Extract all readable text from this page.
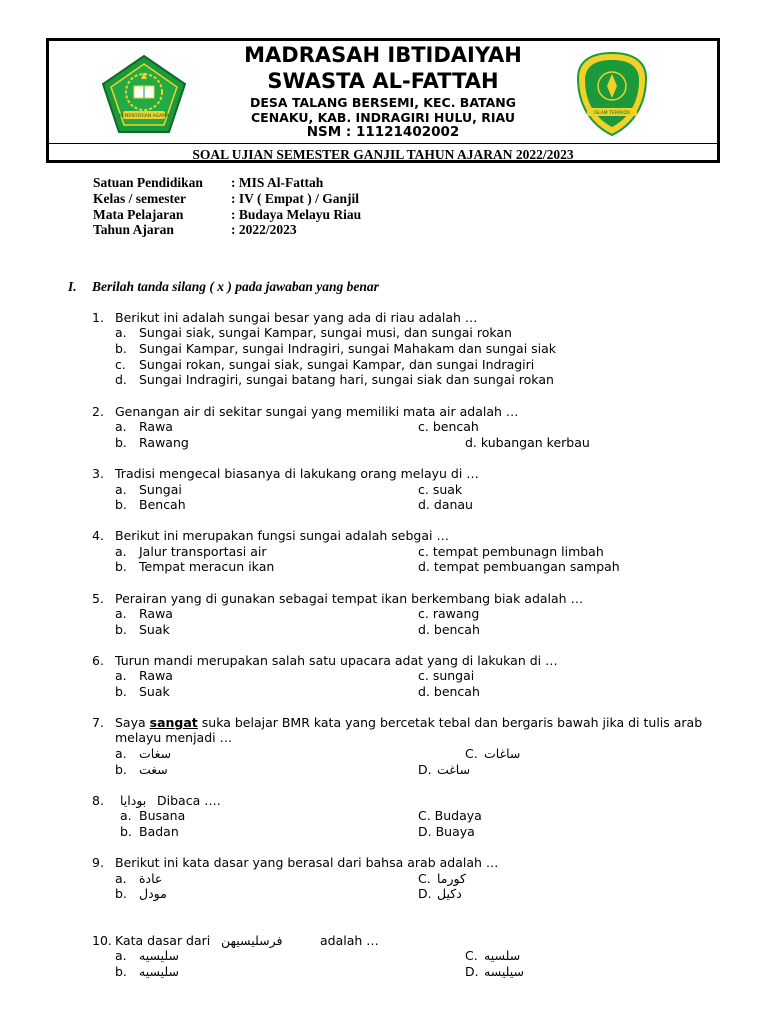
KEMENTERIAN AGAMA
ISLAM TERPADU
MADRASAH IBTIDAIYAH
SWASTA AL-FATTAH
DESA TALANG BERSEMI, KEC. BATANG
CENAKU, KAB. INDRAGIRI HULU, RIAU
NSM : 11121402002
SOAL UJIAN SEMESTER GANJIL TAHUN AJARAN 2022/2023
Satuan Pendidikan : MIS Al-Fattah
Kelas / semester	: IV ( Empat ) / Ganjil
Mata Pelajaran	: Budaya Melayu Riau
Tahun Ajaran	: 2022/2023
I. Berilah tanda silang ( x ) pada jawaban yang benar
1. Berikut ini adalah sungai besar yang ada di riau adalah …
a. Sungai siak, sungai Kampar, sungai musi, dan sungai rokan
b. Sungai Kampar, sungai Indragiri, sungai Mahakam dan sungai siak
c. Sungai rokan, sungai siak, sungai Kampar, dan sungai Indragiri
d. Sungai Indragiri, sungai batang hari, sungai siak dan sungai rokan
2. Genangan air di sekitar sungai yang memiliki mata air adalah …
a. Rawa	c. bencah
b. Rawang	d. kubangan kerbau
3. Tradisi mengecal biasanya di lakukang orang melayu di …
a. Sungai	c. suak
b. Bencah	d. danau
4. Berikut ini merupakan fungsi sungai adalah sebgai …
a. Jalur transportasi air	c. tempat pembunagn limbah
b. Tempat meracun ikan	d. tempat pembuangan sampah
5. Perairan yang di gunakan sebagai tempat ikan berkembang biak adalah …
a. Rawa	c. rawang
b. Suak	d. bencah
6. Turun mandi merupakan salah satu upacara adat yang di lakukan di …
a. Rawa	c. sungai
b. Suak	d. bencah
7. Saya sangat suka belajar BMR kata yang bercetak tebal dan bergaris bawah jika di tulis arab
melayu menjadi …
a. سغات	C. ساغات
b. سغت	D. ساغت
8. بودايا Dibaca ….
a. Busana	C. Budaya
b. Badan	D. Buaya
9. Berikut ini kata dasar yang berasal dari bahsa arab adalah …
a. عادة	C. كورما
b. مودل	D. دكيل
10. Kata dasar dari فرسليسيهن	adalah …
a. سليسيه	C. سلسيه
b. سليسيه	D. سيليسه
